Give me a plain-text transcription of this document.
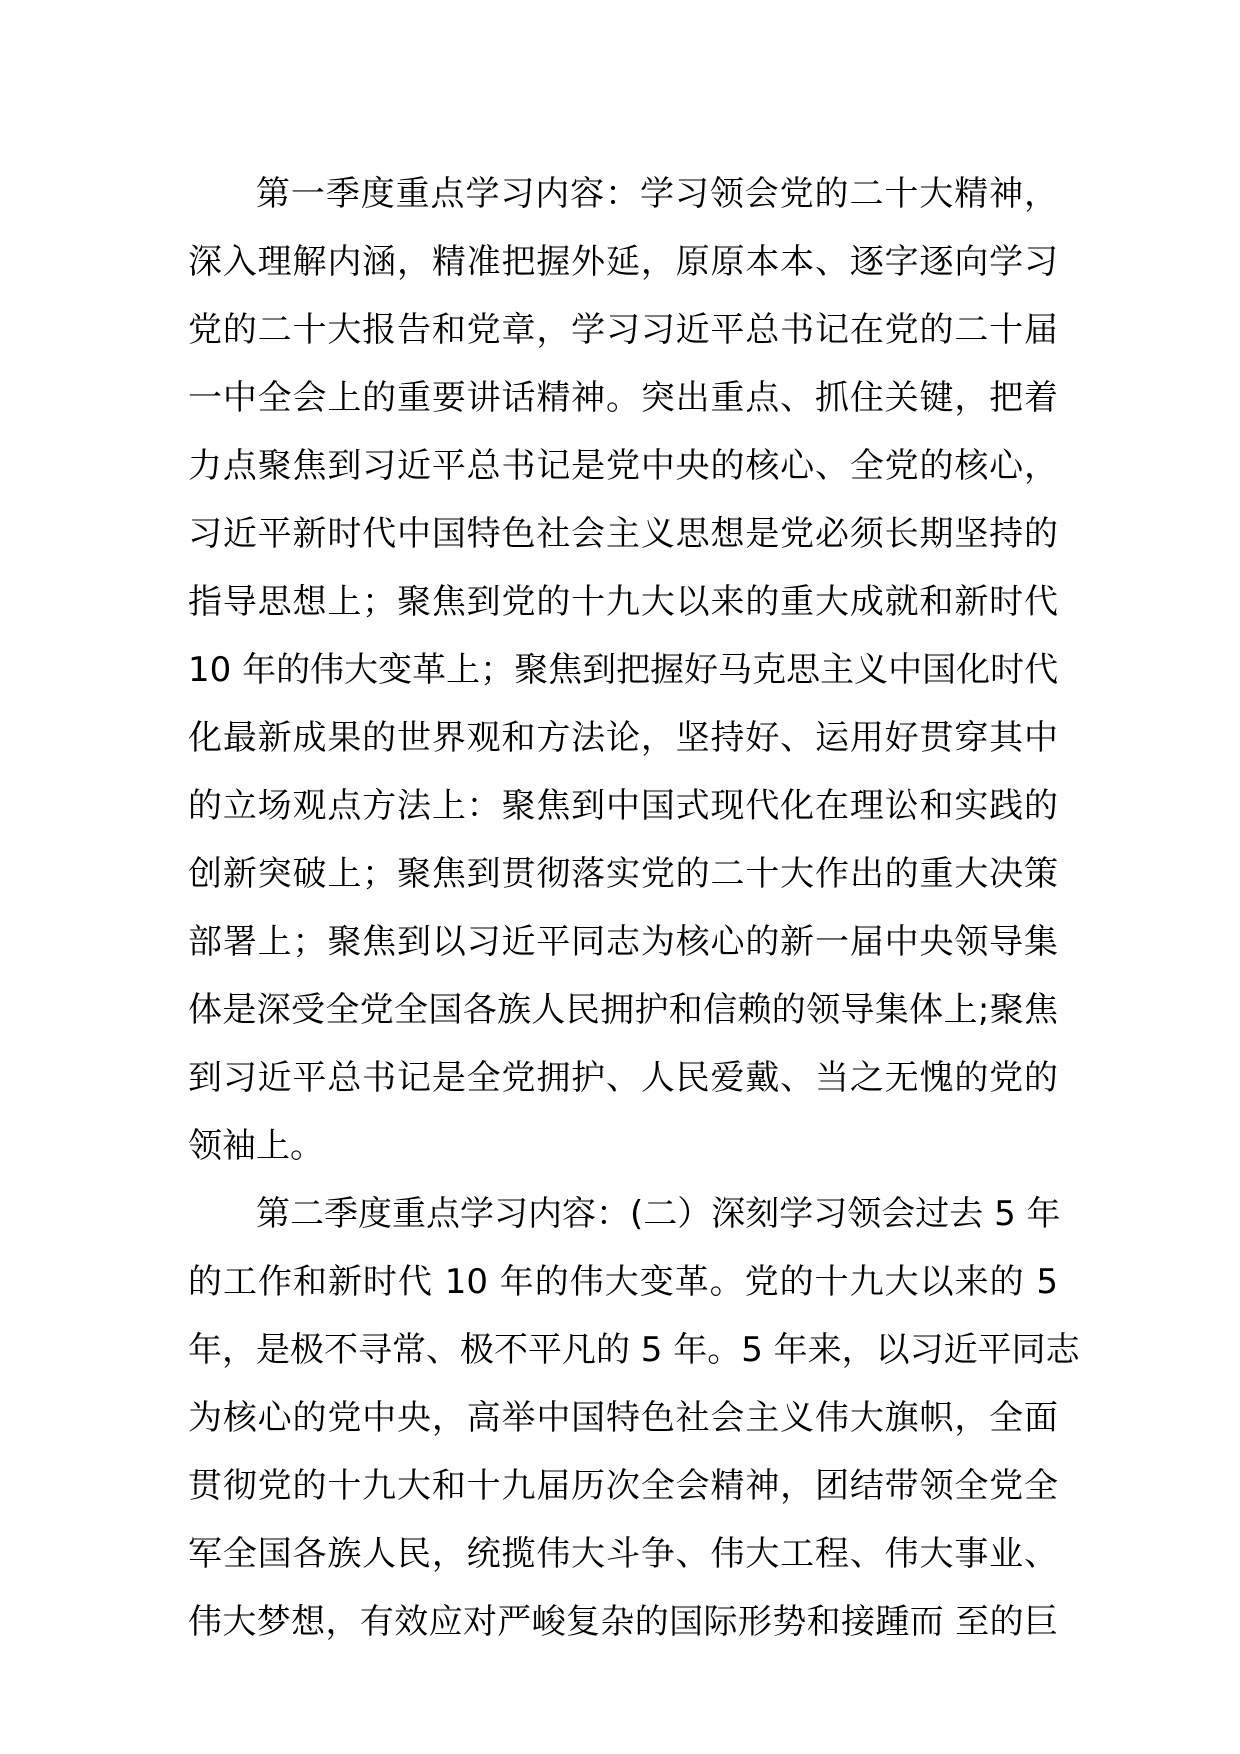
第一季度重点学习内容：学习领会党的二十大精神，
深入理解内涵，精准把握外延，原原本本、逐字逐向学习
党的二十大报告和党章，学习习近平总书记在党的二十届
一中全会上的重要讲话精神。突出重点、抓住关键，把着
力点聚焦到习近平总书记是党中央的核心、全党的核心，
习近平新时代中国特色社会主义思想是党必须长期坚持的
指导思想上；聚焦到党的十九大以来的重大成就和新时代
10 年的伟大变革上；聚焦到把握好马克思主义中国化时代
化最新成果的世界观和方法论，坚持好、运用好贯穿其中
的立场观点方法上：聚焦到中国式现代化在理讼和实践的
创新突破上；聚焦到贯彻落实党的二十大作出的重大决策
部署上；聚焦到以习近平同志为核心的新一届中央领导集
体是深受全党全国各族人民拥护和信赖的领导集体上;聚焦
到习近平总书记是全党拥护、人民爱戴、当之无愧的党的
领袖上。
第二季度重点学习内容：(二）深刻学习领会过去 5 年
的工作和新时代 10 年的伟大变革。党的十九大以来的 5
年，是极不寻常、极不平凡的 5 年。5 年来，以习近平同志
为核心的党中央，高举中国特色社会主义伟大旗帜，全面
贯彻党的十九大和十九届历次全会精神，团结带领全党全
军全国各族人民，统揽伟大斗争、伟大工程、伟大事业、
伟大梦想，有效应对严峻复杂的国际形势和接踵而 至的巨
